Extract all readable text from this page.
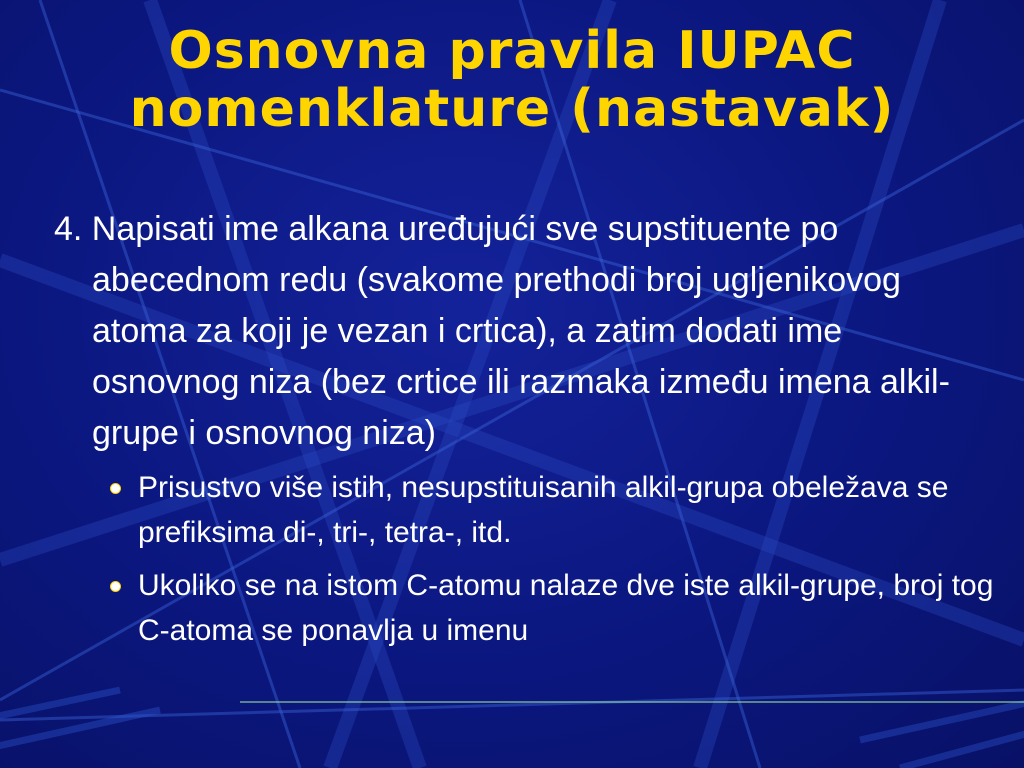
Osnovna pravila IUPAC
nomenklature (nastavak)

4. Napisati ime alkana uređujući sve supstituente po abecednom redu (svakome prethodi broj ugljenikovog atoma za koji je vezan i crtica), a zatim dodati ime osnovnog niza (bez crtice ili razmaka između imena alkil-grupe i osnovnog niza)

Prisustvo više istih, nesupstituisanih alkil-grupa obeležava se prefiksima di-, tri-, tetra-, itd.
Ukoliko se na istom C-atomu nalaze dve iste alkil-grupe, broj tog C-atoma se ponavlja u imenu
